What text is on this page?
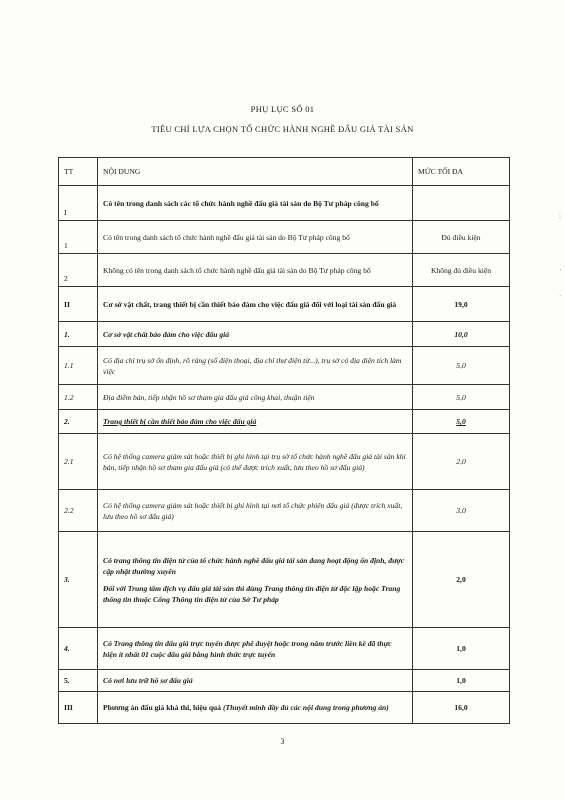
PHỤ LỤC SỐ 01
TIÊU CHÍ LỰA CHỌN TỔ CHỨC HÀNH NGHỀ ĐẤU GIÁ TÀI SẢN
;
'
,
TT	NỘI DUNG	MỨC TỐI ĐA
I	Có tên trong danh sách các tổ chức hành nghề đấu giá tài sản do Bộ Tư pháp công bố	
1	Có tên trong danh sách tổ chức hành nghề đấu giá tài sản do Bộ Tư pháp công bố	Đủ điều kiện
2	Không có tên trong danh sách tổ chức hành nghề đấu giá tài sản do Bộ Tư pháp công bố	Không đủ điều kiện
II	Cơ sở vật chất, trang thiết bị cần thiết bảo đảm cho việc đấu giá đối với loại tài sản đấu giá	19,0
1.	Cơ sở vật chất bảo đảm cho việc đấu giá	10,0
1.1	Có địa chỉ trụ sở ổn định, rõ ràng (số điện thoại, địa chỉ thư điện tử...), trụ sở có địa diện tích làm việc	5,0
1.2	Địa điểm bán, tiếp nhận hồ sơ tham gia đấu giá công khai, thuận tiện	5,0
2.	Trang thiết bị cần thiết bảo đảm cho việc đấu giá	5,0
2.1	Có hệ thống camera giám sát hoặc thiết bị ghi hình tại trụ sở tổ chức hành nghề đấu giá tài sản khi bán, tiếp nhận hồ sơ tham gia đấu giá (có thể được trích xuất, lưu theo hồ sơ đấu giá)	2,0
2.2	Có hệ thống camera giám sát hoặc thiết bị ghi hình tại nơi tổ chức phiên đấu giá (được trích xuất, lưu theo hồ sơ đấu giá)	3,0
3.	Có trang thông tin điện tử của tổ chức hành nghề đấu giá tài sản đang hoạt động ổn định, được cập nhật thường xuyên
Đối với Trung tâm dịch vụ đấu giá tài sản thì dùng Trang thông tin điện tử độc lập hoặc Trang thông tin thuộc Cổng Thông tin điện tử của Sở Tư pháp	2,0
4.	Có Trang thông tin đấu giá trực tuyến được phê duyệt hoặc trong năm trước liền kề đã thực hiện ít nhất 01 cuộc đấu giá bằng hình thức trực tuyến	1,0
5.	Có nơi lưu trữ hồ sơ đấu giá	1,0
III	Phương án đấu giá khả thi, hiệu quả (Thuyết minh đầy đủ các nội dung trong phương án)	16,0
3
